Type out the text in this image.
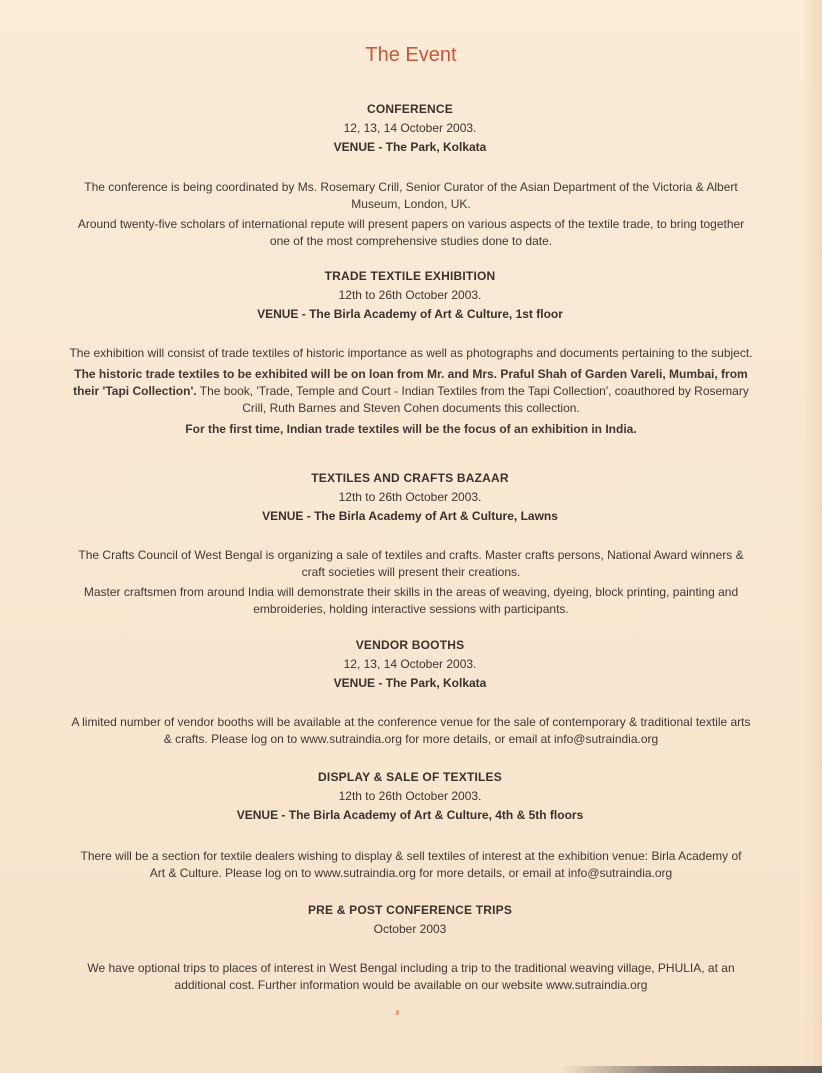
The Event
CONFERENCE
12, 13, 14 October 2003.
VENUE - The Park, Kolkata

The conference is being coordinated by Ms. Rosemary Crill, Senior Curator of the Asian Department of the Victoria & Albert Museum, London, UK.

Around twenty-five scholars of international repute will present papers on various aspects of the textile trade, to bring together one of the most comprehensive studies done to date.

TRADE TEXTILE EXHIBITION
12th to 26th October 2003.
VENUE - The Birla Academy of Art & Culture, 1st floor

The exhibition will consist of trade textiles of historic importance as well as photographs and documents pertaining to the subject.

The historic trade textiles to be exhibited will be on loan from Mr. and Mrs. Praful Shah of Garden Vareli, Mumbai, from their 'Tapi Collection'. The book, 'Trade, Temple and Court - Indian Textiles from the Tapi Collection', coauthored by Rosemary Crill, Ruth Barnes and Steven Cohen documents this collection.

For the first time, Indian trade textiles will be the focus of an exhibition in India.

TEXTILES AND CRAFTS BAZAAR
12th to 26th October 2003.
VENUE - The Birla Academy of Art & Culture, Lawns

The Crafts Council of West Bengal is organizing a sale of textiles and crafts. Master crafts persons, National Award winners & craft societies will present their creations.

Master craftsmen from around India will demonstrate their skills in the areas of weaving, dyeing, block printing, painting and embroideries, holding interactive sessions with participants.

VENDOR BOOTHS
12, 13, 14 October 2003.
VENUE - The Park, Kolkata

A limited number of vendor booths will be available at the conference venue for the sale of contemporary & traditional textile arts & crafts. Please log on to www.sutraindia.org for more details, or email at info@sutraindia.org

DISPLAY & SALE OF TEXTILES
12th to 26th October 2003.
VENUE - The Birla Academy of Art & Culture, 4th & 5th floors

There will be a section for textile dealers wishing to display & sell textiles of interest at the exhibition venue: Birla Academy of Art & Culture. Please log on to www.sutraindia.org for more details, or email at info@sutraindia.org

PRE & POST CONFERENCE TRIPS
October 2003

We have optional trips to places of interest in West Bengal including a trip to the traditional weaving village, PHULIA, at an additional cost. Further information would be available on our website www.sutraindia.org
